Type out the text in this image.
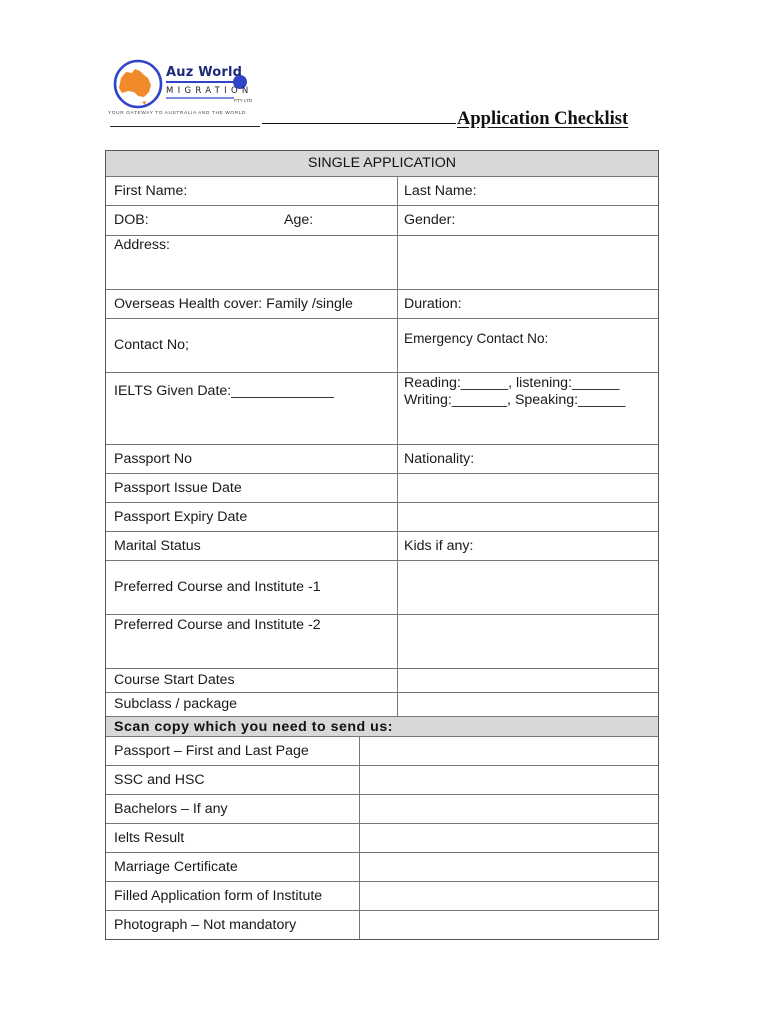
Auz World
MIGRATION
PTY LTD
YOUR GATEWAY TO AUSTRALIA AND THE WORLD	Application Checklist
SINGLE APPLICATION
First Name:	Last Name:
DOB:	Age:	Gender:
Address:
Overseas Health cover: Family /single	Duration:
Contact No;	Emergency Contact No:
IELTS Given Date:_____________	Reading:______, listening:______
Writing:_______, Speaking:______
Passport No	Nationality:
Passport Issue Date
Passport Expiry Date
Marital Status	Kids if any:
Preferred Course and Institute -1
Preferred Course and Institute -2
Course Start Dates
Subclass / package
Scan copy which you need to send us:
Passport – First and Last Page
SSC and HSC
Bachelors – If any
Ielts Result
Marriage Certificate
Filled Application form of Institute
Photograph – Not mandatory
